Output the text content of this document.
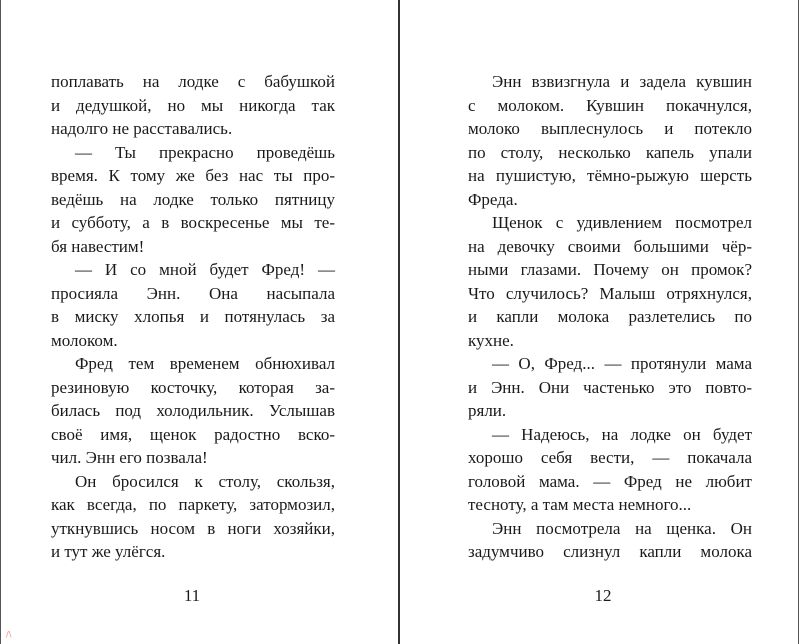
поплавать на лодке с бабушкой
и дедушкой, но мы никогда так
надолго не расставались.
— Ты прекрасно проведёшь
время. К тому же без нас ты про-
ведёшь на лодке только пятницу
и субботу, а в воскресенье мы те-
бя навестим!
— И со мной будет Фред! —
просияла Энн. Она насыпала
в миску хлопья и потянулась за
молоком.
Фред тем временем обнюхивал
резиновую косточку, которая за-
билась под холодильник. Услышав
своё имя, щенок радостно вско-
чил. Энн его позвала!
Он бросился к столу, скользя,
как всегда, по паркету, затормозил,
уткнувшись носом в ноги хозяйки,
и тут же улёгся.
11
Энн взвизгнула и задела кувшин
с молоком. Кувшин покачнулся,
молоко выплеснулось и потекло
по столу, несколько капель упали
на пушистую, тёмно-рыжую шерсть
Фреда.
Щенок с удивлением посмотрел
на девочку своими большими чёр-
ными глазами. Почему он промок?
Что случилось? Малыш отряхнулся,
и капли молока разлетелись по
кухне.
— О, Фред... — протянули мама
и Энн. Они частенько это повто-
ряли.
— Надеюсь, на лодке он будет
хорошо себя вести, — покачала
головой мама. — Фред не любит
тесноту, а там места немного...
Энн посмотрела на щенка. Он
задумчиво слизнул капли молока
12
/\
